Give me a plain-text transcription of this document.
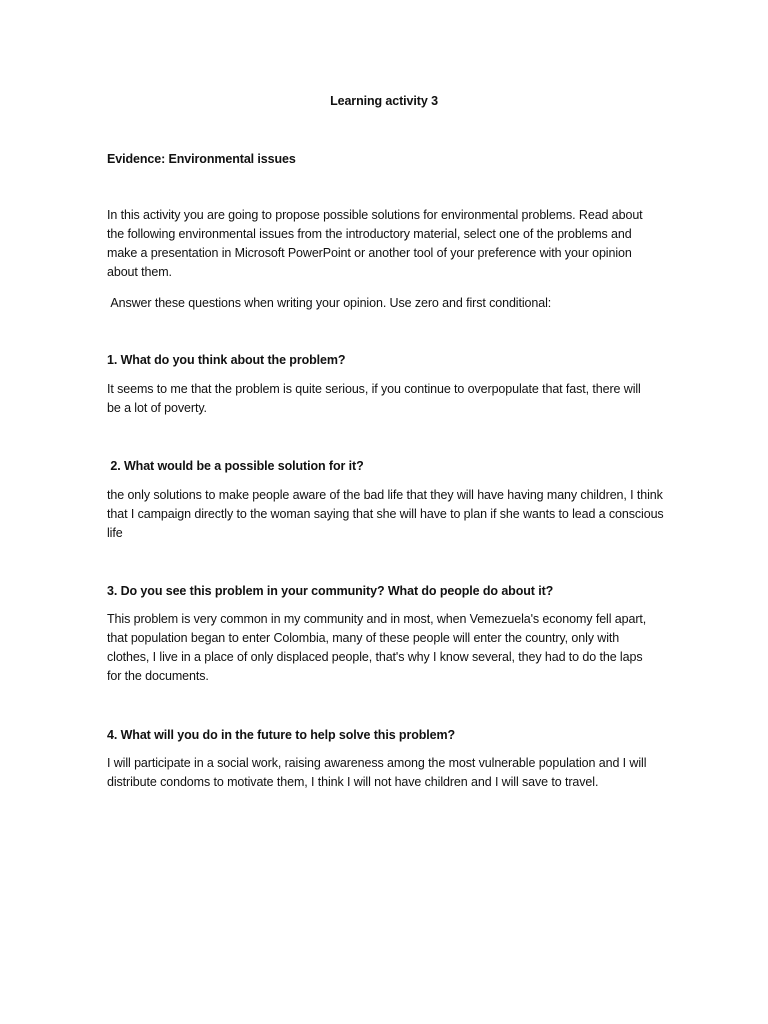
Learning activity 3
Evidence: Environmental issues
In this activity you are going to propose possible solutions for environmental problems. Read about the following environmental issues from the introductory material, select one of the problems and make a presentation in Microsoft PowerPoint or another tool of your preference with your opinion about them.
Answer these questions when writing your opinion. Use zero and first conditional:
1. What do you think about the problem?
It seems to me that the problem is quite serious, if you continue to overpopulate that fast, there will be a lot of poverty.
2. What would be a possible solution for it?
the only solutions to make people aware of the bad life that they will have having many children, I think that I campaign directly to the woman saying that she will have to plan if she wants to lead a conscious life
3. Do you see this problem in your community? What do people do about it?
This problem is very common in my community and in most, when Vemezuela's economy fell apart, that population began to enter Colombia, many of these people will enter the country, only with clothes, I live in a place of only displaced people, that's why I know several, they had to do the laps for the documents.
4. What will you do in the future to help solve this problem?
I will participate in a social work, raising awareness among the most vulnerable population and I will distribute condoms to motivate them, I think I will not have children and I will save to travel.
